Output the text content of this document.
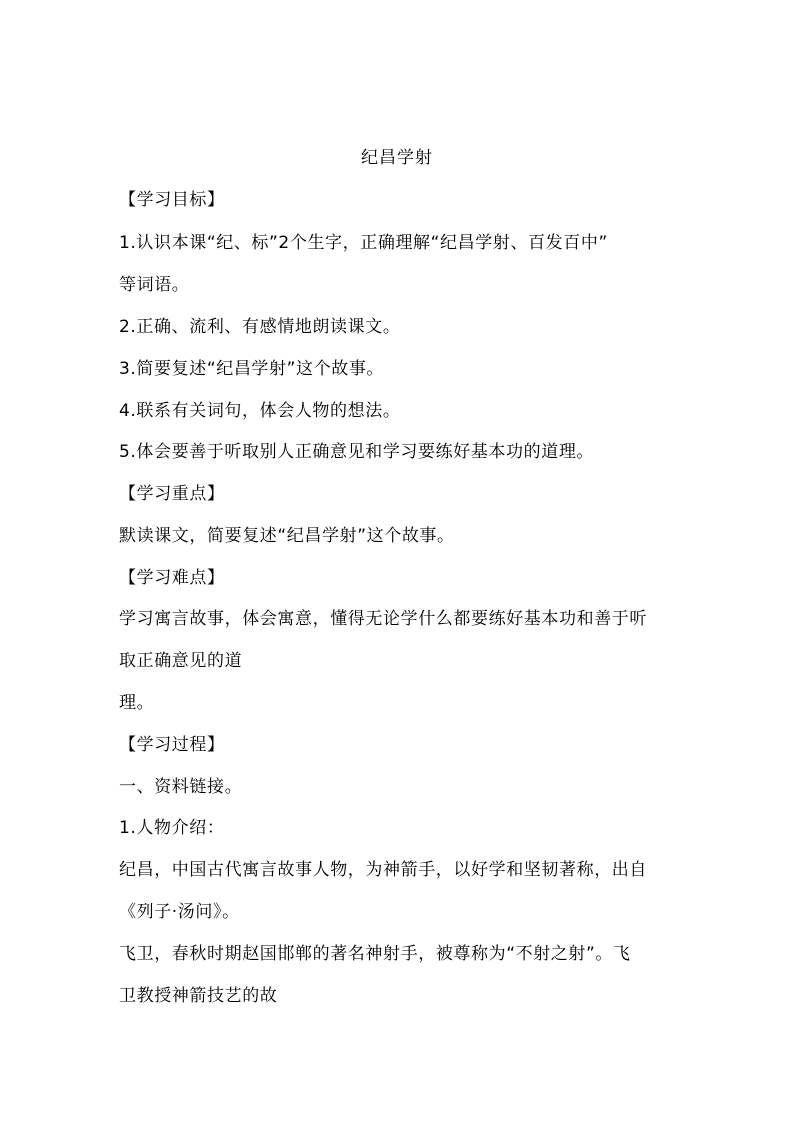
纪昌学射
【学习目标】
1.认识本课“纪、标”2个生字，正确理解“纪昌学射、百发百中”
等词语。
2.正确、流利、有感情地朗读课文。
3.简要复述“纪昌学射”这个故事。
4.联系有关词句，体会人物的想法。
5.体会要善于听取别人正确意见和学习要练好基本功的道理。
【学习重点】
默读课文，简要复述“纪昌学射”这个故事。
【学习难点】
学习寓言故事，体会寓意，懂得无论学什么都要练好基本功和善于听
取正确意见的道
理。
【学习过程】
一、资料链接。
1.人物介绍：
纪昌，中国古代寓言故事人物，为神箭手，以好学和坚韧著称，出自
《列子·汤问》。
飞卫，春秋时期赵国邯郸的著名神射手，被尊称为“不射之射”。飞
卫教授神箭技艺的故
